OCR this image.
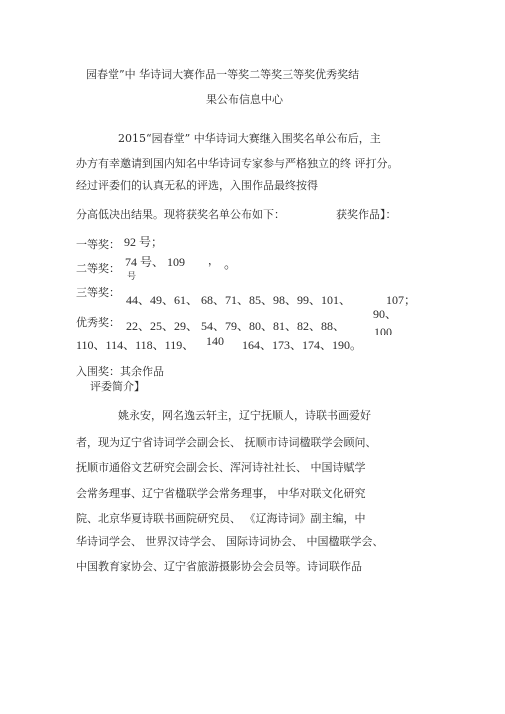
园春堂”中 华诗词大赛作品一等奖二等奖三等奖优秀奖结
果公布信息中心
2015“园春堂” 中华诗词大赛继入围奖名单公布后，主
办方有幸邀请到国内知名中华诗词专家参与严格独立的终 评打分。
经过评委们的认真无私的评选，入围作品最终按得
分高低决出结果。现将获奖名单公布如下：	获奖作品】：
一等奖： 92 号；
二等奖： 74 号、 109 ， 。
号
三等奖：
44、49、61、 68、71、85、98、99、101、	107；
优秀奖： 22、25、29、 54、79、80、81、82、88、
90、
100
110、114、118、119、 140 164、173、174、190。
入围奖：其余作品
评委简介】
姚永安，网名逸云轩主，辽宁抚顺人，诗联书画爱好
者，现为辽宁省诗词学会副会长、 抚顺市诗词楹联学会顾问、
抚顺市通俗文艺研究会副会长、浑河诗社社长、 中国诗赋学
会常务理事、辽宁省楹联学会常务理事， 中华对联文化研究
院、北京华夏诗联书画院研究员、 《辽海诗词》副主编，中
华诗词学会、 世界汉诗学会、 国际诗词协会、 中国楹联学会、
中国教育家协会、辽宁省旅游摄影协会会员等。诗词联作品
